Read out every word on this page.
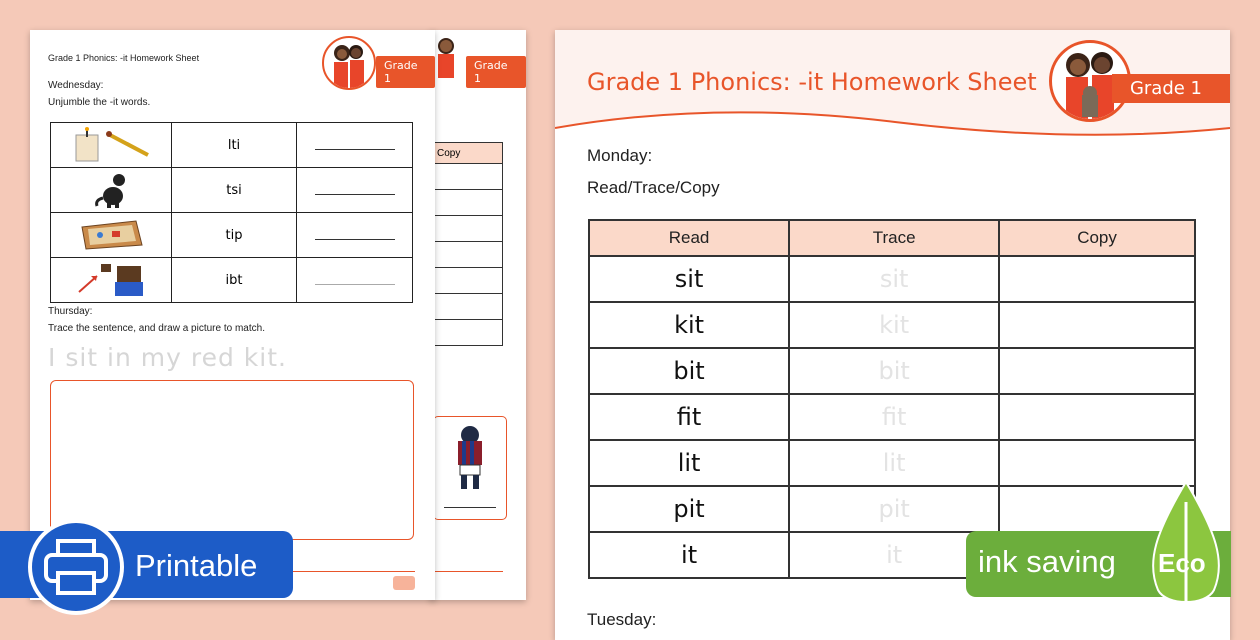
Grade 1
Copy

Grade 1 Phonics: -it Homework Sheet
Grade 1
Wednesday:
Unjumble the -it words.
	lti	
	tsi	
	tip	
	ibt	
Thursday:
Trace the sentence, and draw a picture to match.
I sit in my red kit.
Grade 1 Phonics: -it Homework Sheet	Grade 1
Monday:
Read/Trace/Copy
Read	Trace	Copy
sit	sit	
kit	kit	
bit	bit	
fit	fit	
lit	lit	
pit	pit	
it	it	
Tuesday:
Printable	ink saving Eco
